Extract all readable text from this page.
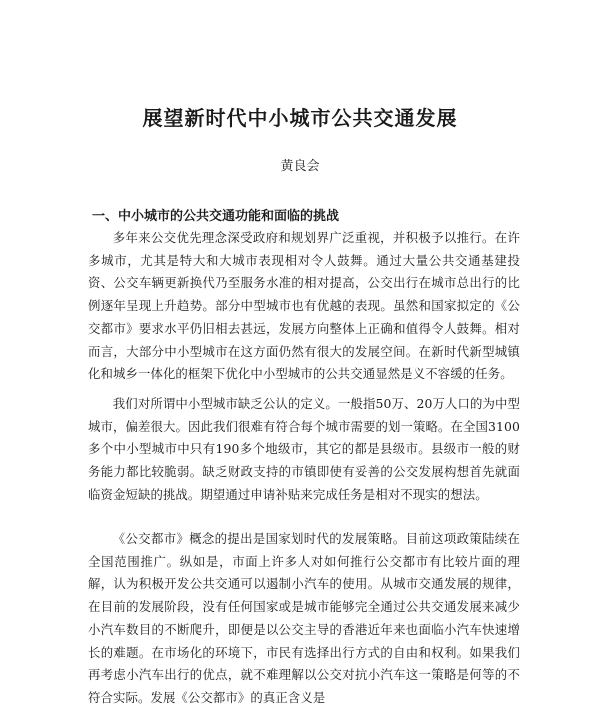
展望新时代中小城市公共交通发展
黄良会
一、中小城市的公共交通功能和面临的挑战

多年来公交优先理念深受政府和规划界广泛重视，并积极予以推行。在许多城市，尤其是特大和大城市表现相对令人鼓舞。通过大量公共交通基建投资、公交车辆更新换代乃至服务水准的相对提高，公交出行在城市总出行的比例逐年呈现上升趋势。部分中型城市也有优越的表现。虽然和国家拟定的《公交都市》要求水平仍旧相去甚远，发展方向整体上正确和值得令人鼓舞。相对而言，大部分中小型城市在这方面仍然有很大的发展空间。在新时代新型城镇化和城乡一体化的框架下优化中小型城市的公共交通显然是义不容缓的任务。

我们对所谓中小型城市缺乏公认的定义。一般指50万、20万人口的为中型城市，偏差很大。因此我们很难有符合每个城市需要的划一策略。在全国3100多个中小型城市中只有190多个地级市，其它的都是县级市。县级市一般的财务能力都比较脆弱。缺乏财政支持的市镇即使有妥善的公交发展构想首先就面临资金短缺的挑战。期望通过申请补贴来完成任务是相对不现实的想法。

《公交都市》概念的提出是国家划时代的发展策略。目前这项政策陆续在全国范围推广。纵如是，市面上许多人对如何推行公交都市有比较片面的理解，认为积极开发公共交通可以遏制小汽车的使用。从城市交通发展的规律，在目前的发展阶段，没有任何国家或是城市能够完全通过公共交通发展来减少小汽车数目的不断爬升，即便是以公交主导的香港近年来也面临小汽车快速增长的难题。在市场化的环境下，市民有选择出行方式的自由和权利。如果我们再考虑小汽车出行的优点，就不难理解以公交对抗小汽车这一策略是何等的不符合实际。发展《公交都市》的真正含义是
